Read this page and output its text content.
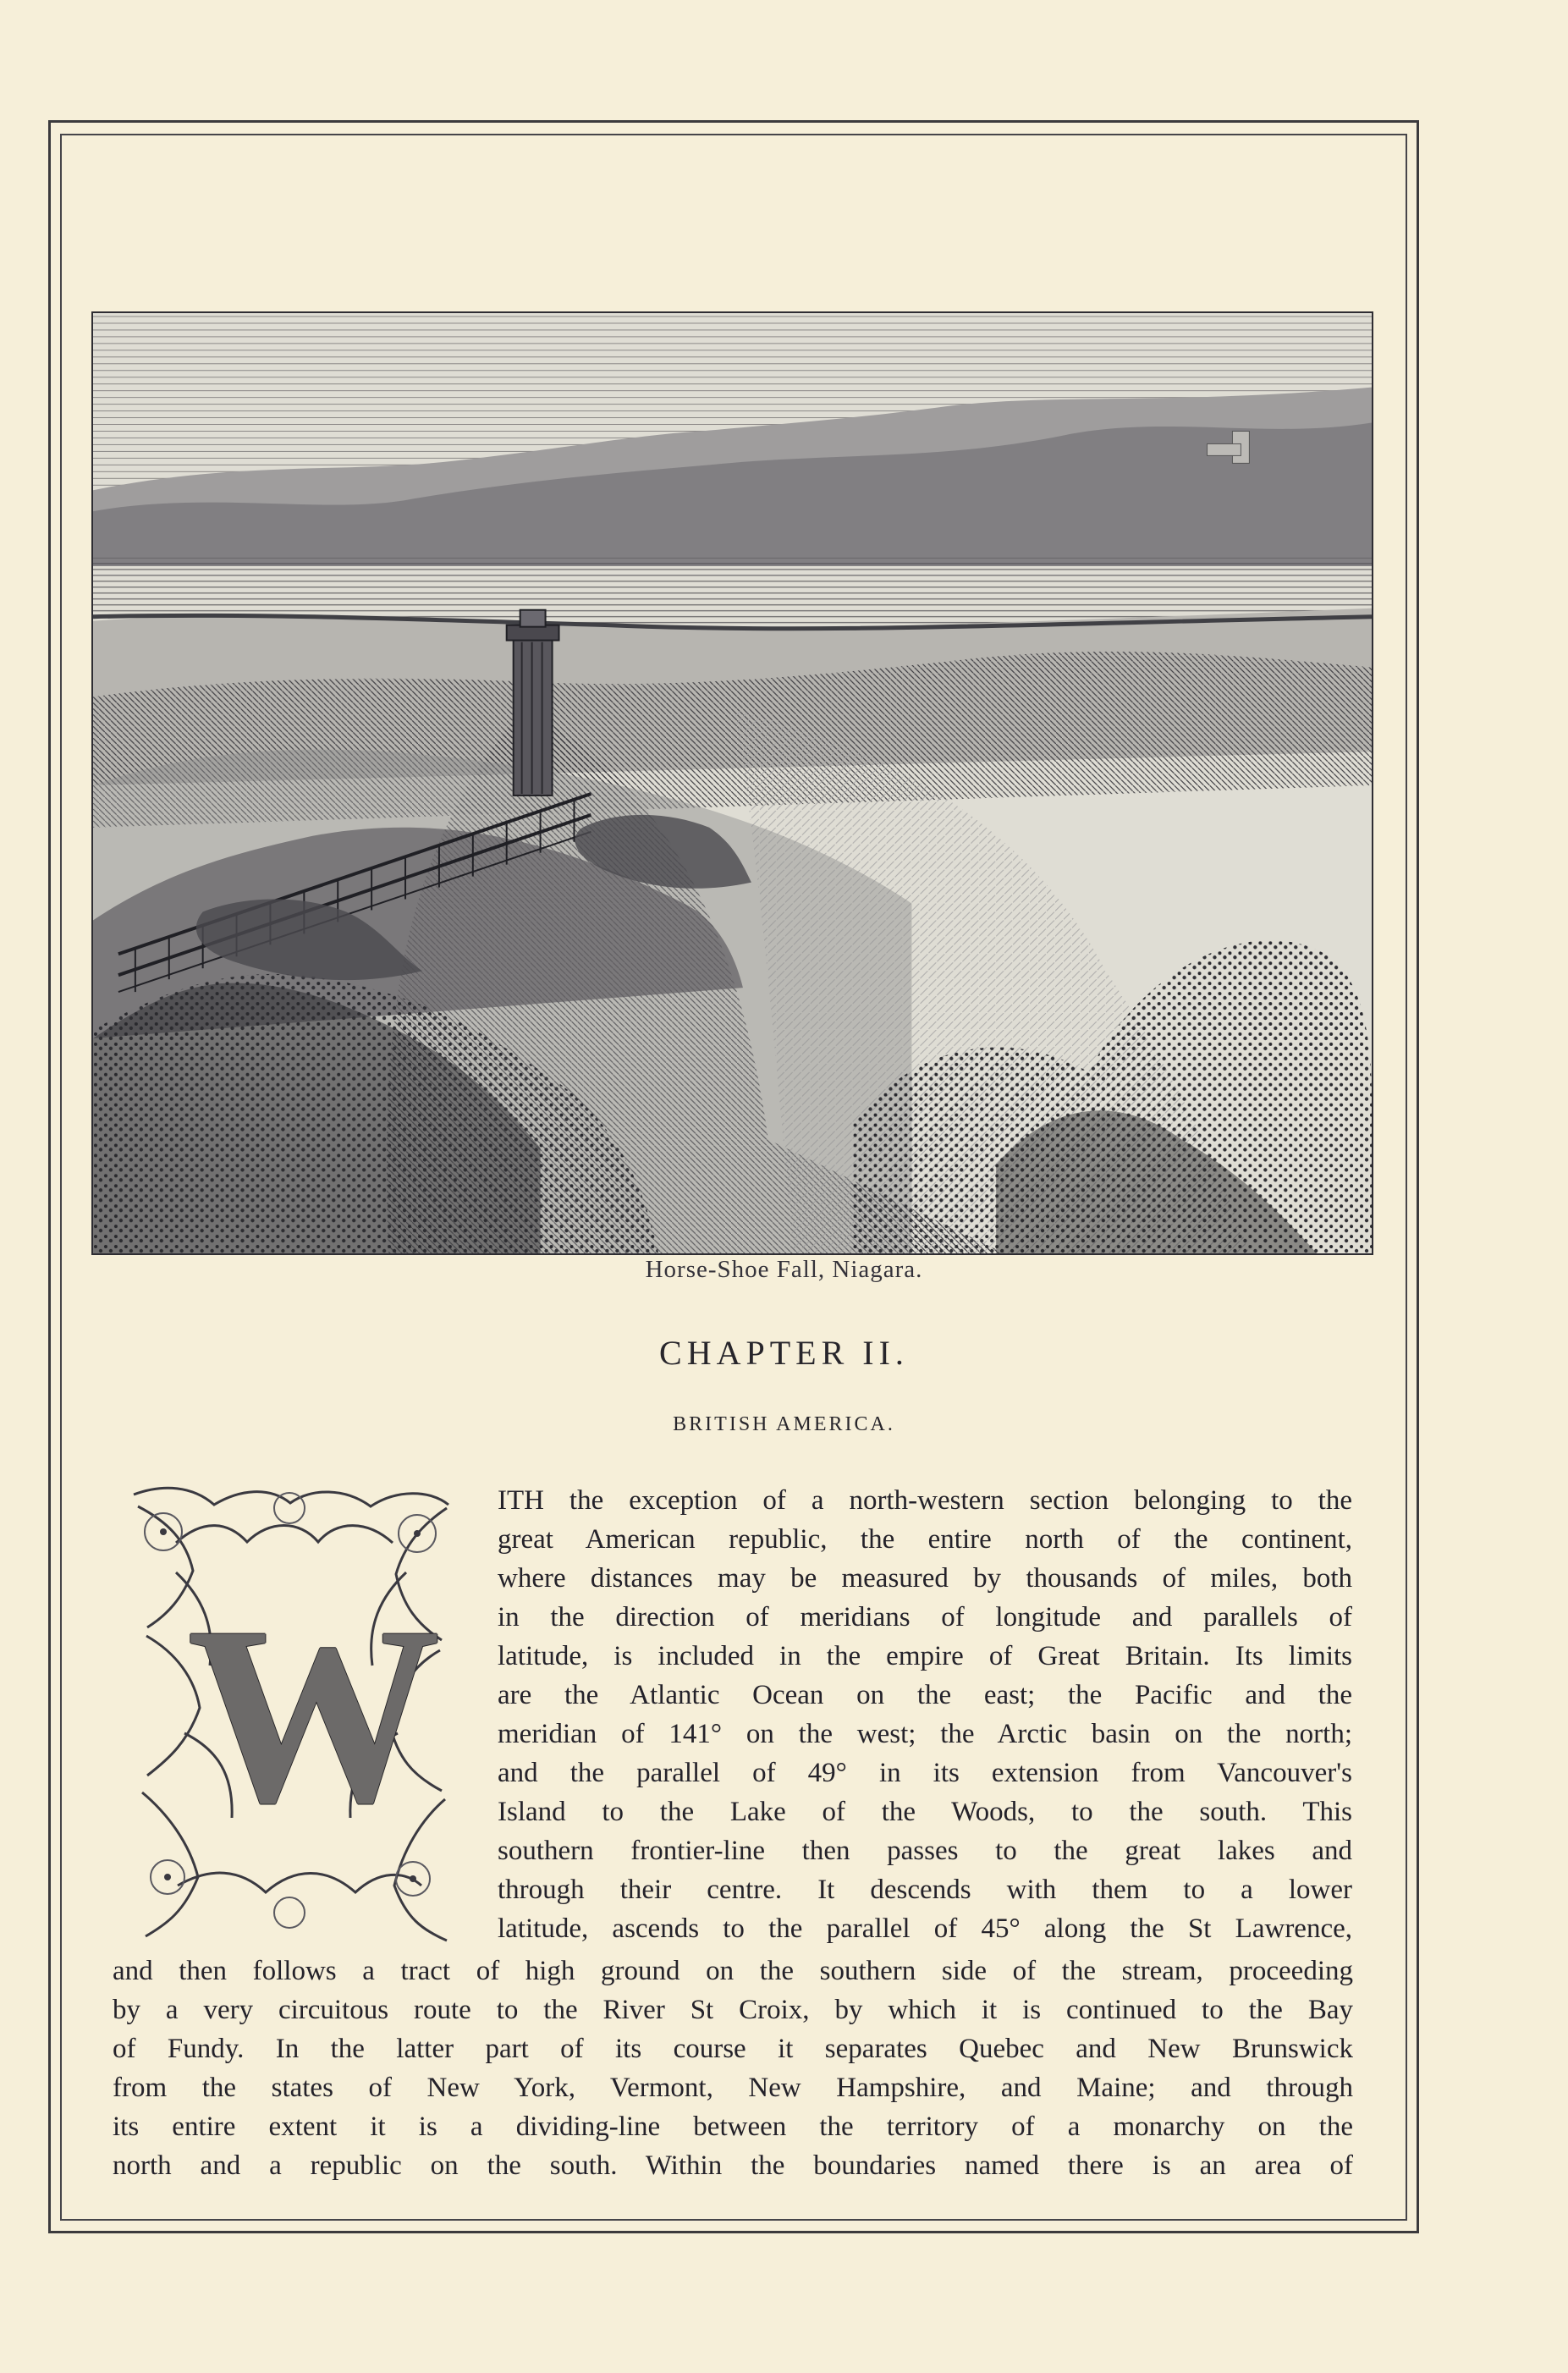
Horse-Shoe Fall, Niagara.
CHAPTER II.
BRITISH AMERICA.
W
ITH the exception of a north-western section belonging to the
great American republic, the entire north of the continent,
where distances may be measured by thousands of miles, both
in the direction of meridians of longitude and parallels of
latitude, is included in the empire of Great Britain. Its limits
are the Atlantic Ocean on the east; the Pacific and the
meridian of 141° on the west; the Arctic basin on the north;
and the parallel of 49° in its extension from Vancouver's
Island to the Lake of the Woods, to the south. This
southern frontier-line then passes to the great lakes and
through their centre. It descends with them to a lower
latitude, ascends to the parallel of 45° along the St Lawrence,
and then follows a tract of high ground on the southern side of the stream, proceeding
by a very circuitous route to the River St Croix, by which it is continued to the Bay
of Fundy. In the latter part of its course it separates Quebec and New Brunswick
from the states of New York, Vermont, New Hampshire, and Maine; and through
its entire extent it is a dividing-line between the territory of a monarchy on the
north and a republic on the south. Within the boundaries named there is an area of
